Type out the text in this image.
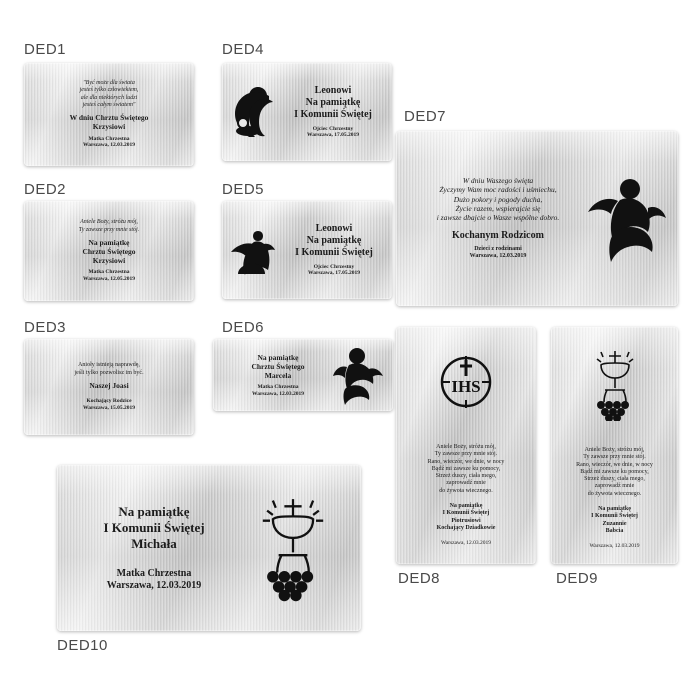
DED1
DED2
DED3
DED4
DED5
DED6
DED7
DED8	DED9
DED10
"Być może dla świata
jesteś tylko człowiekiem,
ale dla niektórych ludzi
jesteś całym światem"
W dniu Chrztu Świętego
Krzysiowi
Matka Chrzestna
Warszawa, 12.03.2019
Aniele Boży, stróżu mój,
Ty zawsze przy mnie stój.
Na pamiątkę
Chrztu Świętego
Krzysiowi
Matka Chrzestna
Warszawa, 12.05.2019
Anioły istnieją naprawdę,
jeśli tylko pozwolisz im być.
Naszej Joasi
Kochający Rodzice
Warszawa, 15.05.2019
Leonowi
Na pamiątkę
I Komunii Świętej
Ojciec Chrzestny
Warszawa, 17.05.2019
Leonowi
Na pamiątkę
I Komunii Świętej
Ojciec Chrzestny
Warszawa, 17.05.2019
Na pamiątkę
Chrztu Świętego
Marcela
Matka Chrzestna
Warszawa, 12.03.2019
W dniu Waszego święta
Życzymy Wam moc radości i uśmiechu,
Dużo pokory i pogody ducha,
Życie razem, wspierajcie się
i zawsze dbajcie o Wasze wspólne dobro.
Kochanym Rodzicom
Dzieci z rodzinami
Warszawa, 12.03.2019
IHS
Aniele Boży, stróżu mój,
Ty zawsze przy mnie stój.
Rano, wieczór, we dnie, w nocy
Bądź mi zawsze ku pomocy,
Strzeż duszy, ciała mego,
zaprowadź mnie
do żywota wiecznego.
Na pamiątkę
I Komunii Świętej
Piotrusiowi
Kochający Dziadkowie
Warszawa, 12.03.2019
Aniele Boży, stróżu mój,
Ty zawsze przy mnie stój.
Rano, wieczór, we dnie, w nocy
Bądź mi zawsze ku pomocy,
Strzeż duszy, ciała mego,
zaprowadź mnie
do żywota wiecznego.
Na pamiątkę
I Komunii Świętej
Zuzannie
Babcia
Warszawa, 12.03.2019
Na pamiątkę
I Komunii Świętej
Michała
Matka Chrzestna
Warszawa, 12.03.2019
